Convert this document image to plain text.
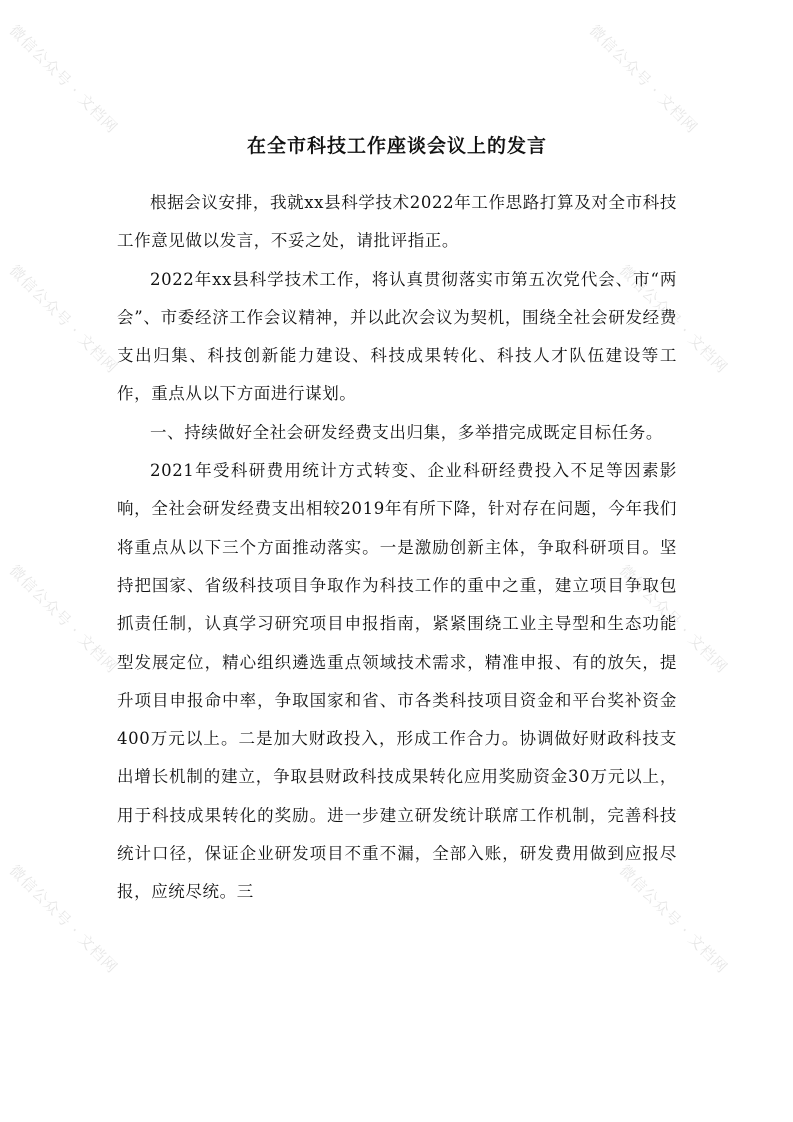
微信公众号 · 文档网	微信公众号 · 文档网
微信公众号 · 文档网	微信公众号 · 文档网
微信公众号 · 文档网	微信公众号 · 文档网
微信公众号 · 文档网	微信公众号 · 文档网
在全市科技工作座谈会议上的发言

根据会议安排，我就xx县科学技术2022年工作思路打算及对全市科技工作意见做以发言，不妥之处，请批评指正。

2022年xx县科学技术工作，将认真贯彻落实市第五次党代会、市“两会”、市委经济工作会议精神，并以此次会议为契机，围绕全社会研发经费支出归集、科技创新能力建设、科技成果转化、科技人才队伍建设等工作，重点从以下方面进行谋划。

一、持续做好全社会研发经费支出归集，多举措完成既定目标任务。

2021年受科研费用统计方式转变、企业科研经费投入不足等因素影响，全社会研发经费支出相较2019年有所下降，针对存在问题，今年我们将重点从以下三个方面推动落实。一是激励创新主体，争取科研项目。坚持把国家、省级科技项目争取作为科技工作的重中之重，建立项目争取包抓责任制，认真学习研究项目申报指南，紧紧围绕工业主导型和生态功能型发展定位，精心组织遴选重点领域技术需求，精准申报、有的放矢，提升项目申报命中率，争取国家和省、市各类科技项目资金和平台奖补资金400万元以上。二是加大财政投入，形成工作合力。协调做好财政科技支出增长机制的建立，争取县财政科技成果转化应用奖励资金30万元以上，用于科技成果转化的奖励。进一步建立研发统计联席工作机制，完善科技统计口径，保证企业研发项目不重不漏，全部入账，研发费用做到应报尽报，应统尽统。三
